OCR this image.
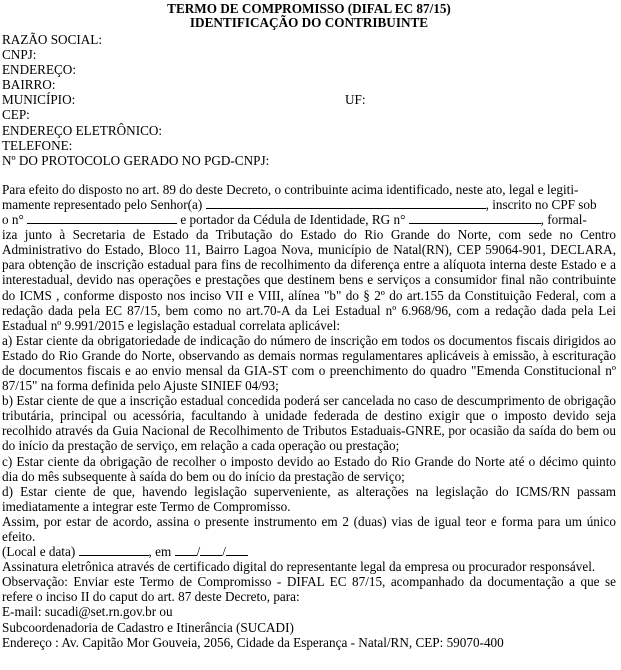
TERMO DE COMPROMISSO (DIFAL EC 87/15)
IDENTIFICAÇÃO DO CONTRIBUINTE
RAZÃO SOCIAL:
CNPJ:
ENDEREÇO:
BAIRRO:
MUNICÍPIO:	UF:
CEP:
ENDEREÇO ELETRÔNICO:
TELEFONE:
Nº DO PROTOCOLO GERADO NO PGD-CNPJ:
Para efeito do disposto no art. 89 do deste Decreto, o contribuinte acima identificado, neste ato, legal e legiti-
mamente representado pelo Senhor(a)	, inscrito no CPF sob
o n°	e portador da Cédula de Identidade, RG n°	, formal-

iza junto à Secretaria de Estado da Tributação do Estado do Rio Grande do Norte, com sede no Centro Administrativo do Estado, Bloco 11, Bairro Lagoa Nova, município de Natal(RN), CEP 59064-901, DECLARA, para obtenção de inscrição estadual para fins de recolhimento da diferença entre a alíquota interna deste Estado e a interestadual, devido nas operações e prestações que destinem bens e serviços a consumidor final não contribuinte do ICMS , conforme disposto nos inciso VII e VIII, alínea "b" do § 2º do art.155 da Constituição Federal, com a redação dada pela EC 87/15, bem como no art.70-A da Lei Estadual nº 6.968/96, com a redação dada pela Lei Estadual nº 9.991/2015 e legislação estadual correlata aplicável:

a) Estar ciente da obrigatoriedade de indicação do número de inscrição em todos os documentos fiscais dirigidos ao Estado do Rio Grande do Norte, observando as demais normas regulamentares aplicáveis à emissão, à escrituração de documentos fiscais e ao envio mensal da GIA-ST com o preenchimento do quadro "Emenda Constitucional nº 87/15" na forma definida pelo Ajuste SINIEF 04/93;

b) Estar ciente de que a inscrição estadual concedida poderá ser cancelada no caso de descumprimento de obrigação tributária, principal ou acessória, facultando à unidade federada de destino exigir que o imposto devido seja recolhido através da Guia Nacional de Recolhimento de Tributos Estaduais-GNRE, por ocasião da saída do bem ou do início da prestação de serviço, em relação a cada operação ou prestação;

c) Estar ciente da obrigação de recolher o imposto devido ao Estado do Rio Grande do Norte até o décimo quinto dia do mês subsequente à saída do bem ou do início da prestação de serviço;

d) Estar ciente de que, havendo legislação superveniente, as alterações na legislação do ICMS/RN passam imediatamente a integrar este Termo de Compromisso.

Assim, por estar de acordo, assina o presente instrumento em 2 (duas) vias de igual teor e forma para um único efeito.

(Local e data)	, em / /

Assinatura eletrônica através de certificado digital do representante legal da empresa ou procurador responsável.

Observação: Enviar este Termo de Compromisso - DIFAL EC 87/15, acompanhado da documentação a que se refere o inciso II do caput do art. 87 deste Decreto, para:

E-mail: sucadi@set.rn.gov.br ou
Subcoordenadoria de Cadastro e Itinerância (SUCADI)
Endereço : Av. Capitão Mor Gouveia, 2056, Cidade da Esperança - Natal/RN, CEP: 59070-400
